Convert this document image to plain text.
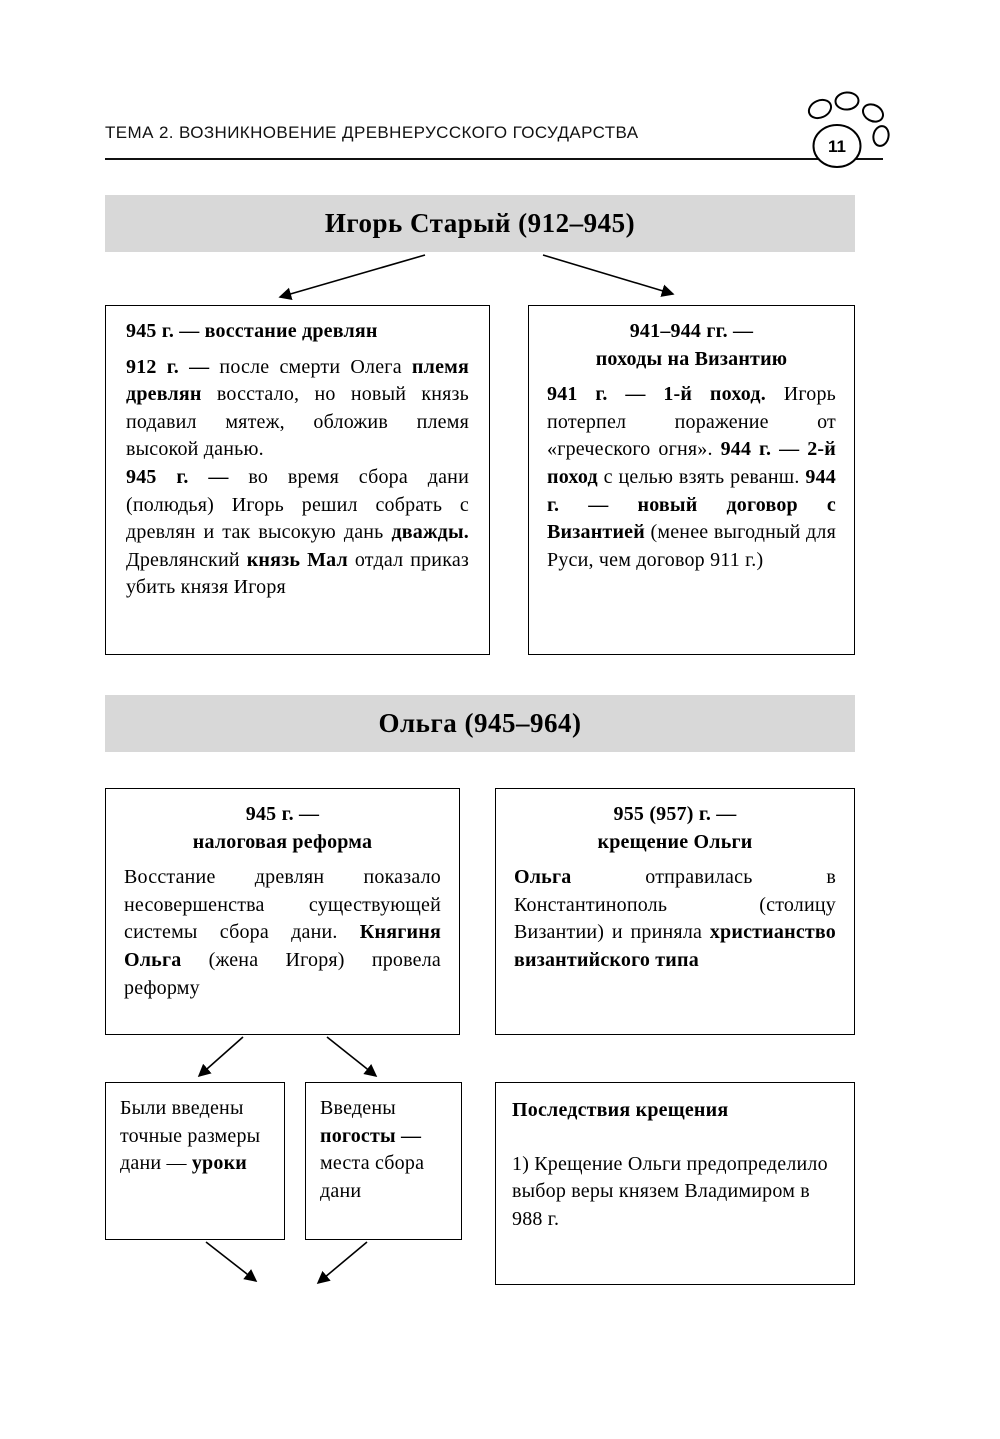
ТЕМА 2. ВОЗНИКНОВЕНИЕ ДРЕВНЕРУССКОГО ГОСУДАРСТВА
11
Игорь Старый (912–945)
Ольга (945–964)
945 г. — восстание древлян

912 г. — после смерти Олега племя древлян восстало, но новый князь подавил мятеж, обложив племя высокой данью.

945 г. — во время сбора дани (полюдья) Игорь решил собрать с древлян и так высокую дань дважды. Древлянский князь Мал отдал приказ убить князя Игоря

941–944 гг. —
походы на Византию

941 г. — 1-й поход. Игорь потерпел поражение от «греческого огня». 944 г. — 2-й поход с целью взять реванш. 944 г. — новый договор с Византией (менее выгодный для Руси, чем договор 911 г.)

945 г. —
налоговая реформа

Восстание древлян показало несовершенства существующей системы сбора дани. Княгиня Ольга (жена Игоря) провела реформу

955 (957) г. —
крещение Ольги

Ольга отправилась в Константинополь (столицу Византии) и приняла христианство византийского типа

Были введены точные размеры дани — уроки

Введены погосты — места сбора дани

Последствия крещения

1) Крещение Ольги предопределило выбор веры князем Владимиром в 988 г.
